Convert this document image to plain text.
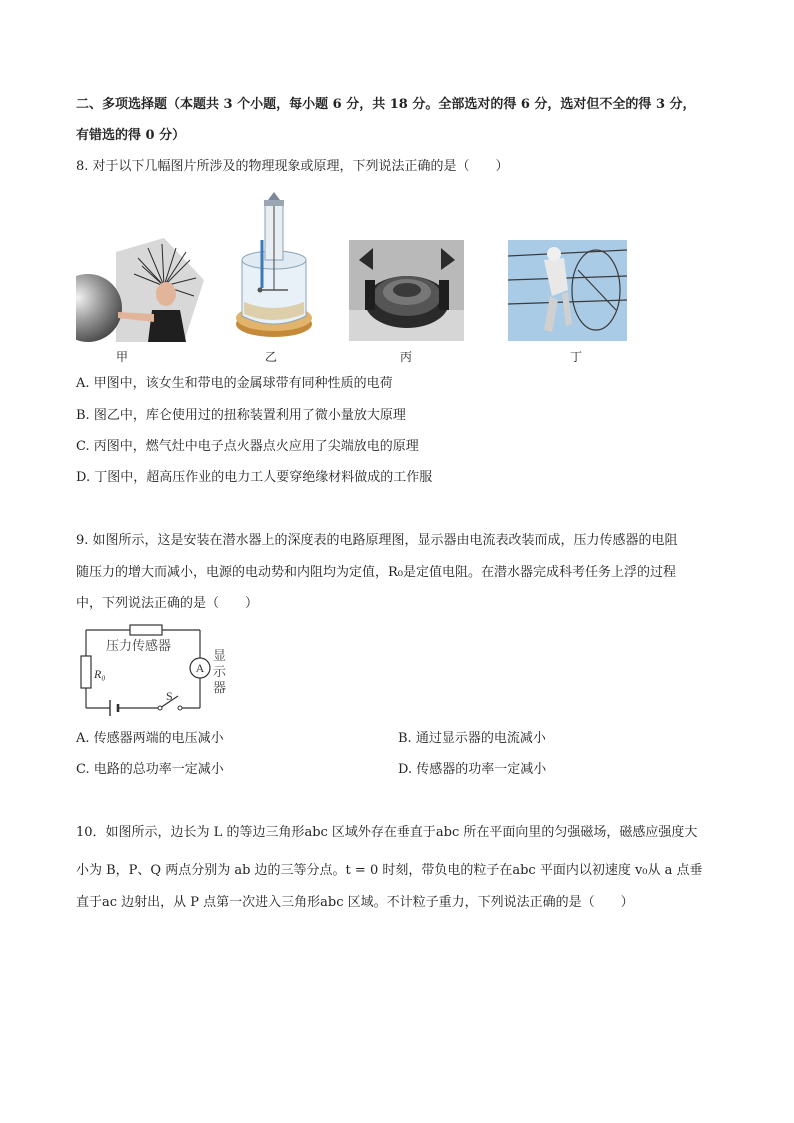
二、多项选择题（本题共 3 个小题，每小题 6 分，共 18 分。全部选对的得 6 分，选对但不全的得 3 分，
有错选的得 0 分）
8. 对于以下几幅图片所涉及的物理现象或原理，下列说法正确的是（　　）
甲	乙	丙	丁
A. 甲图中，该女生和带电的金属球带有同种性质的电荷
B. 图乙中，库仑使用过的扭称装置利用了微小量放大原理
C. 丙图中，燃气灶中电子点火器点火应用了尖端放电的原理
D. 丁图中，超高压作业的电力工人要穿绝缘材料做成的工作服
9. 如图所示，这是安装在潜水器上的深度表的电路原理图，显示器由电流表改装而成，压力传感器的电阻
随压力的增大而减小，电源的电动势和内阻均为定值，R₀是定值电阻。在潜水器完成科考任务上浮的过程
中，下列说法正确的是（　　）
A
压力传感器
R₀
S
显
示
器
A. 传感器两端的电压减小	B. 通过显示器的电流减小
C. 电路的总功率一定减小	D. 传感器的功率一定减小
10．如图所示，边长为 L 的等边三角形abc 区域外存在垂直于abc 所在平面向里的匀强磁场，磁感应强度大
小为 B，P、Q 两点分别为 ab 边的三等分点。t = 0 时刻，带负电的粒子在abc 平面内以初速度 v₀从 a 点垂
直于ac 边射出，从 P 点第一次进入三角形abc 区域。不计粒子重力，下列说法正确的是（　　）
